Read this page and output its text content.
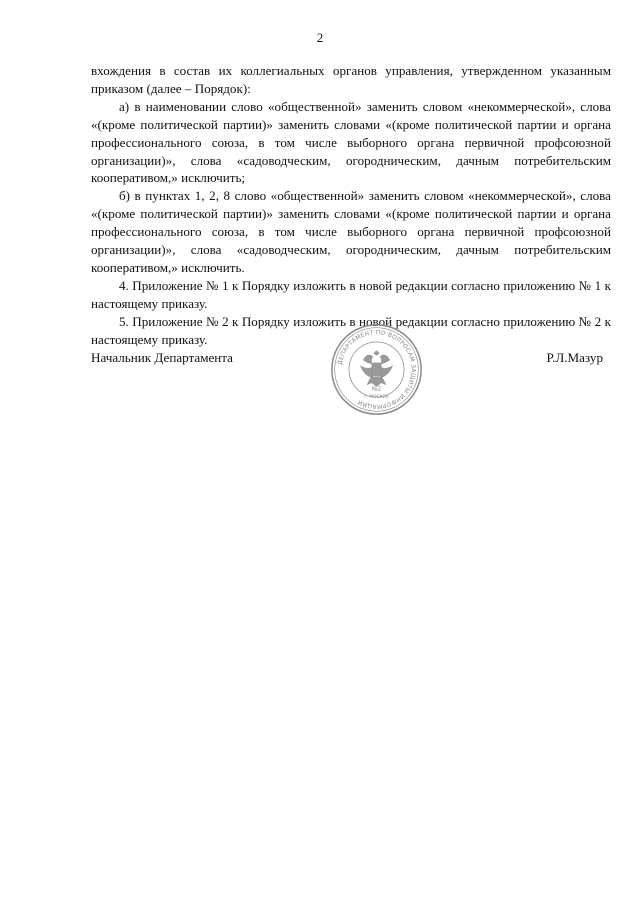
2

вхождения в состав их коллегиальных органов управления, утвержденном указанным приказом (далее – Порядок):

а) в наименовании слово «общественной» заменить словом «некоммерческой», слова «(кроме политической партии)» заменить словами «(кроме политической партии и органа профессионального союза, в том числе выборного органа первичной профсоюзной организации)», слова «садоводческим, огородническим, дачным потребительским кооперативом,» исключить;

б) в пунктах 1, 2, 8 слово «общественной» заменить словом «некоммерческой», слова «(кроме политической партии)» заменить словами «(кроме политической партии и органа профессионального союза, в том числе выборного органа первичной профсоюзной организации)», слова «садоводческим, огородническим, дачным потребительским кооперативом,» исключить.

4. Приложение № 1 к Порядку изложить в новой редакции согласно приложению № 1 к настоящему приказу.

5. Приложение № 2 к Порядку изложить в новой редакции согласно приложению № 2 к настоящему приказу.

Начальник Департамента	Р.Л.Мазур
ДЕПАРТАМЕНТ ПО ВОПРОСАМ ЗАЩИТЫ ИНФОРМАЦИИ
№2
г. МОСКВА
